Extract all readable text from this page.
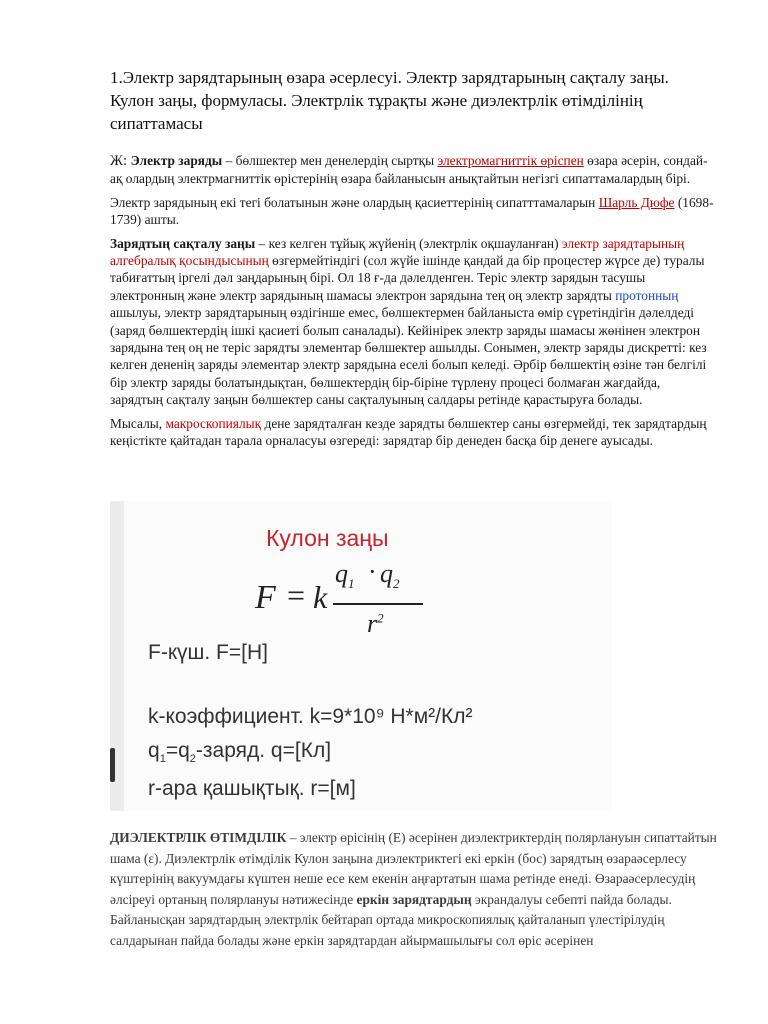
1.Электр зарядтарының өзара әсерлесуі. Электр зарядтарының сақталу заңы. Кулон заңы, формуласы. Электрлік тұрақты және диэлектрлік өтімділінің сипаттамасы

Ж: Электр заряды – бөлшектер мен денелердің сыртқы электромагниттік өріспен өзара әсерін, сондай-ақ олардың электрмагниттік өрістерінің өзара байланысын анықтайтын негізгі сипаттамалардың бірі.

Электр зарядының екі тегі болатынын және олардың қасиеттерінің сипатттамаларын Шарль Дюфе (1698-1739) ашты.

Зарядтың сақталу заңы – кез келген тұйық жүйенің (электрлік оқшауланған) электр зарядтарының алгебралық қосындысының өзгермейтіндігі (сол жүйе ішінде қандай да бір процестер жүрсе де) туралы табиғаттың іргелі дәл заңдарының бірі. Ол 18 ғ-да дәлелденген. Теріс электр зарядын тасушы электронның және электр зарядының шамасы электрон зарядына тең оң электр зарядты протонның ашылуы, электр зарядтарының өздігінше емес, бөлшектермен байланыста өмір сүретіндігін дәлелдеді (заряд бөлшектердің ішкі қасиеті болып саналады). Кейінірек электр заряды шамасы жөнінен электрон зарядына тең оң не теріс зарядты элементар бөлшектер ашылды. Сонымен, электр заряды дискретті: кез келген дененің заряды элементар электр зарядына еселі болып келеді. Әрбір бөлшектің өзіне тән белгілі бір электр заряды болатындықтан, бөлшектердің бір-біріне түрлену процесі болмаған жағдайда, зарядтың сақталу заңын бөлшектер саны сақталуының салдары ретінде қарастыруға болады.

Мысалы, макроскопиялық дене зарядталған кезде зарядты бөлшектер саны өзгермейді, тек зарядтардың кеңістікте қайтадан тарала орналасуы өзгереді: зарядтар бір денеден басқа бір денеге ауысады.

Кулон заңы
F = k
$q_1 \cdot q_2$
$r^2$
F-күш. F=[Н]
k-коэффициент. k=9*10⁹ Н*м²/Кл²
$q_1=q_2$-заряд. q=[Кл]
r-ара қашықтық. r=[м]

ДИЭЛЕКТРЛІК ӨТІМДІЛІК – электр өрісінің (Е) әсерінен диэлектриктердің полярлануын сипаттайтын шама (ε). Диэлектрлік өтімділік Кулон заңына диэлектриктегі екі еркін (бос) зарядтың өзараәсерлесу күштерінің вакуумдағы күштен неше есе кем екенін аңғартатын шама ретінде енеді. Өзараәсерлесудің әлсіреуі ортаның полярлануы нәтижесінде еркін зарядтардың экрандалуы себепті пайда болады. Байланысқан зарядтардың электрлік бейтарап ортада микроскопиялық қайталанып үлестірілудің салдарынан пайда болады және еркін зарядтардан айырмашылығы сол өріс әсерінен
